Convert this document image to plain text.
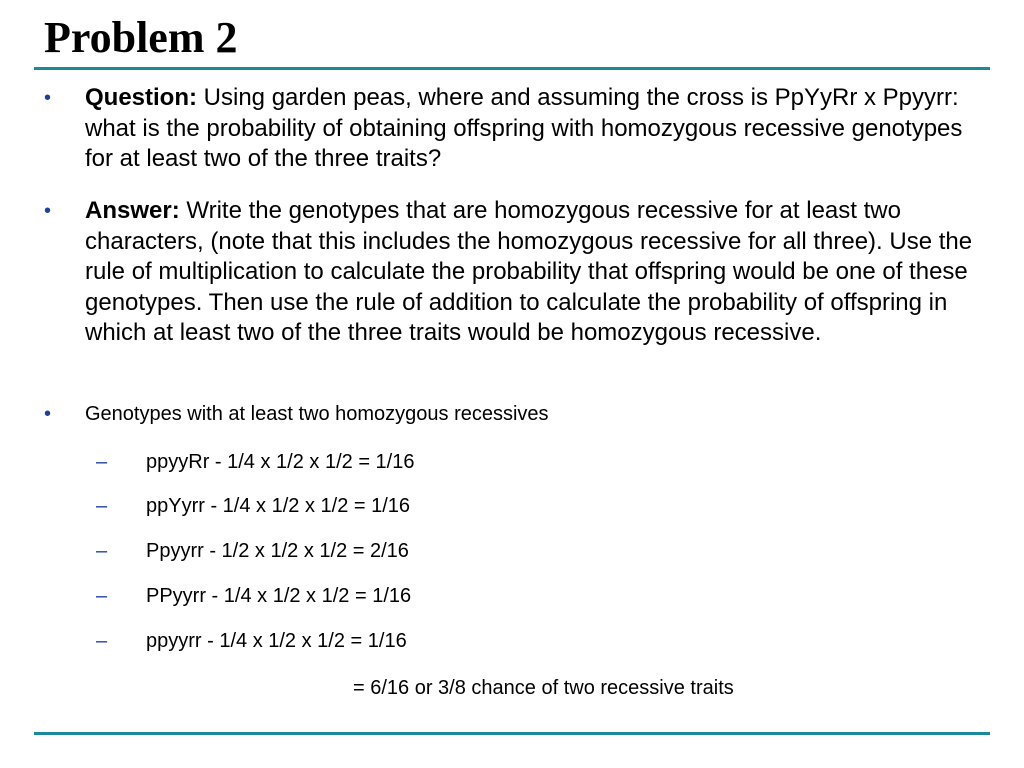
Problem 2
•	Question: Using garden peas, where and assuming the cross is PpYyRr x Ppyyrr: what is the probability of obtaining offspring with homozygous recessive genotypes for at least two of the three traits?
•	Answer: Write the genotypes that are homozygous recessive for at least two characters, (note that this includes the homozygous recessive for all three). Use the rule of multiplication to calculate the probability that offspring would be one of these genotypes. Then use the rule of addition to calculate the probability of offspring in which at least two of the three traits would be homozygous recessive.
•	Genotypes with at least two homozygous recessives
–	ppyyRr - 1/4 x 1/2 x 1/2 = 1/16
–	ppYyrr - 1/4 x 1/2 x 1/2 = 1/16
–	Ppyyrr - 1/2 x 1/2 x 1/2 = 2/16
–	PPyyrr - 1/4 x 1/2 x 1/2 = 1/16
–	ppyyrr - 1/4 x 1/2 x 1/2 = 1/16
= 6/16 or 3/8 chance of two recessive traits
